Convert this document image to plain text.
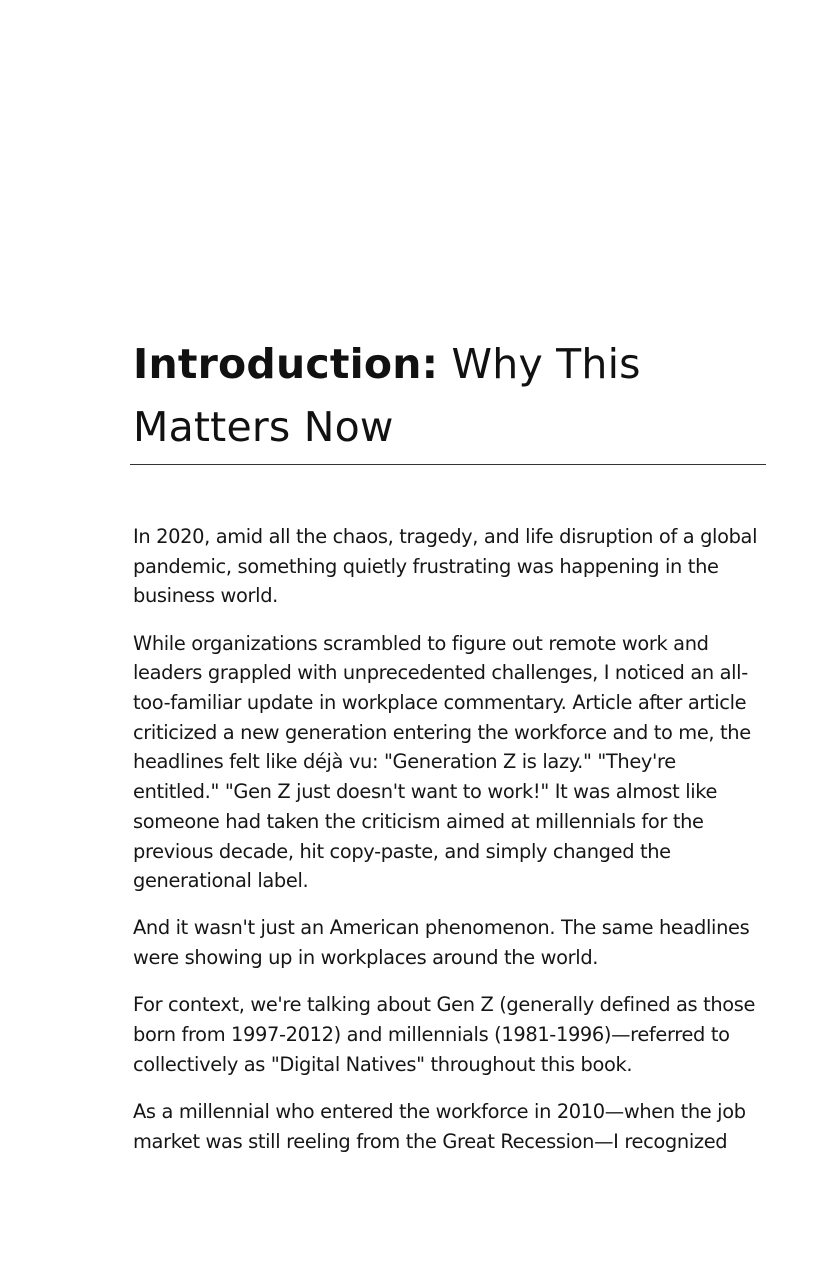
Introduction: Why This Matters Now

In 2020, amid all the chaos, tragedy, and life disruption of a global pandemic, something quietly frustrating was happening in the business world.

While organizations scrambled to figure out remote work and leaders grappled with unprecedented challenges, I noticed an all-too-familiar update in workplace commentary. Article after article criticized a new generation entering the workforce and to me, the headlines felt like déjà vu: "Generation Z is lazy." "They're entitled." "Gen Z just doesn't want to work!" It was almost like someone had taken the criticism aimed at millennials for the previous decade, hit copy-paste, and simply changed the generational label.

And it wasn't just an American phenomenon. The same headlines were showing up in workplaces around the world.

For context, we're talking about Gen Z (generally defined as those born from 1997-2012) and millennials (1981-1996)—referred to collectively as "Digital Natives" throughout this book.

As a millennial who entered the workforce in 2010—when the job market was still reeling from the Great Recession—I recognized
